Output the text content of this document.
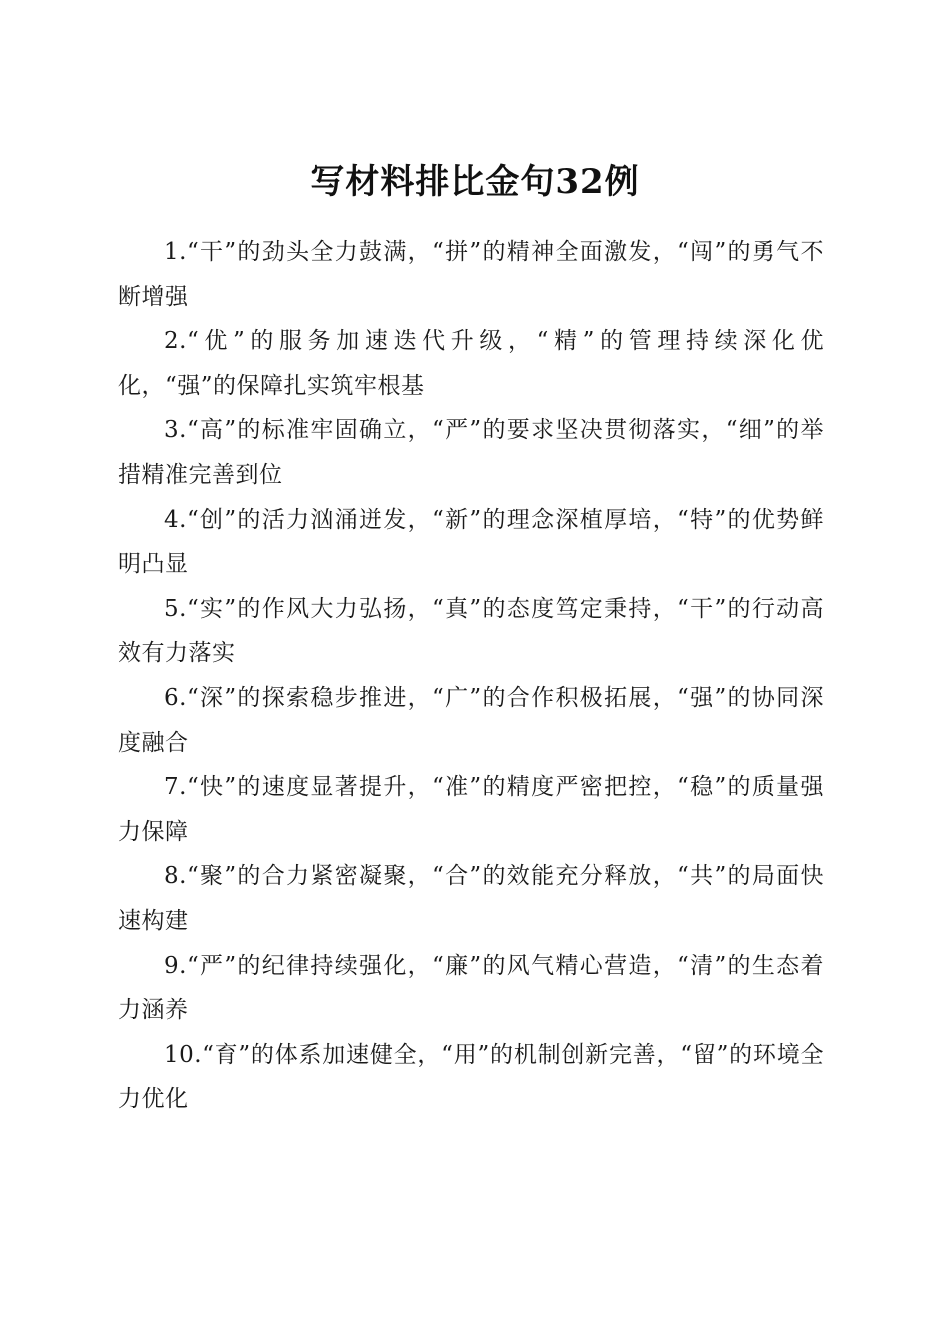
写材料排比金句32例

1.“干”的劲头全力鼓满，“拼”的精神全面激发，“闯”的勇气不断增强

2.“优”的服务加速迭代升级，“精”的管理持续深化优化，“强”的保障扎实筑牢根基

3.“高”的标准牢固确立，“严”的要求坚决贯彻落实，“细”的举措精准完善到位

4.“创”的活力汹涌迸发，“新”的理念深植厚培，“特”的优势鲜明凸显

5.“实”的作风大力弘扬，“真”的态度笃定秉持，“干”的行动高效有力落实

6.“深”的探索稳步推进，“广”的合作积极拓展，“强”的协同深度融合

7.“快”的速度显著提升，“准”的精度严密把控，“稳”的质量强力保障

8.“聚”的合力紧密凝聚，“合”的效能充分释放，“共”的局面快速构建

9.“严”的纪律持续强化，“廉”的风气精心营造，“清”的生态着力涵养

10.“育”的体系加速健全，“用”的机制创新完善，“留”的环境全力优化
